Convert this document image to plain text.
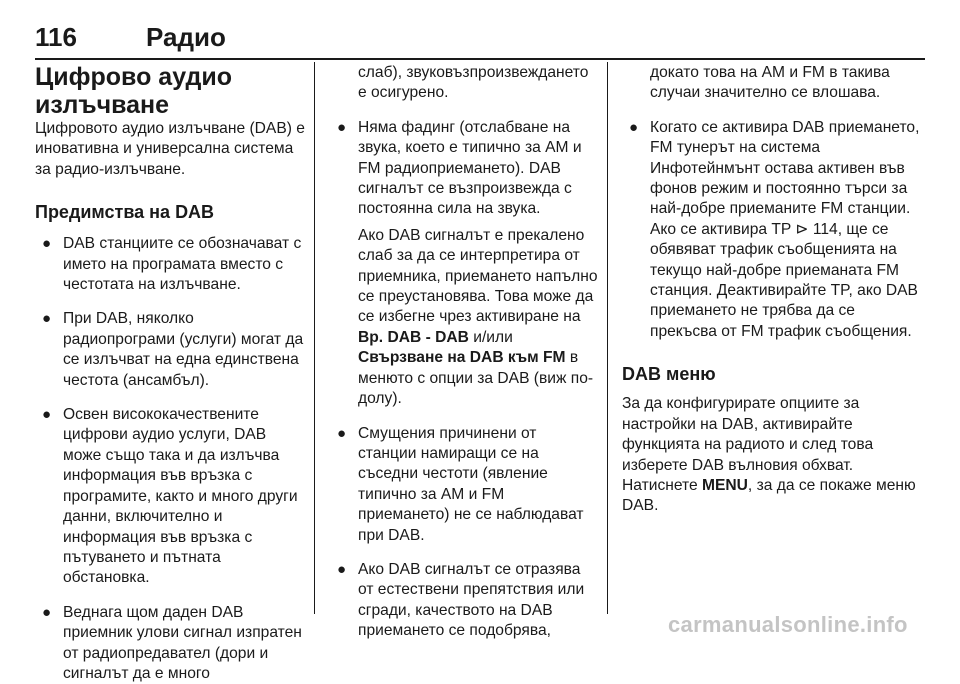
116	Радио
Цифрово аудио излъчване

Цифровото аудио излъчване (DAB) е иновативна и универсална система за радио-излъчване.

Предимства на DAB
● DAB станциите се обозначават с името на програмата вместо с честотата на излъчване.

● При DAB, няколко радиопрограми (услуги) могат да се излъчват на една единствена честота (ансамбъл).

● Освен висококачествените цифрови аудио услуги, DAB може също така и да излъчва информация във връзка с програмите, както и много други данни, включително и информация във връзка с пътуването и пътната обстановка.

● Веднага щом даден DAB приемник улови сигнал изпратен от радиопредавател (дори и сигналът да е много

слаб), звуковъзпроизвеждането е осигурено.

● Няма фадинг (отслабване на звука, което е типично за AM и FM радиоприемането). DAB сигналът се възпроизвежда с постоянна сила на звука.

Ако DAB сигналът е прекалено слаб за да се интерпретира от приемника, приемането напълно се преустановява. Това може да се избегне чрез активиране на Вр. DAB - DAB и/или Свързване на DAB към FM в менюто с опции за DAB (виж по-долу).

● Смущения причинени от станции намиращи се на съседни честоти (явление типично за AM и FM приемането) не се наблюдават при DAB.

● Ако DAB сигналът се отразява от естествени препятствия или сгради, качеството на DAB приемането се подобрява,

докато това на AM и FM в такива случаи значително се влошава.

● Когато се активира DAB приемането, FM тунерът на система Инфотейнмънт остава активен във фонов режим и постоянно търси за най-добре приеманите FM станции. Ако се активира TP ⊳ 114, ще се обявяват трафик съобщенията на текущо най-добре приеманата FM станция. Деактивирайте TP, ако DAB приемането не трябва да се прекъсва от FM трафик съобщения.

DAB меню

За да конфигурирате опциите за настройки на DAB, активирайте функцията на радиото и след това изберете DAB вълновия обхват. Натиснете MENU, за да се покаже меню DAB.

carmanualsonline.info
